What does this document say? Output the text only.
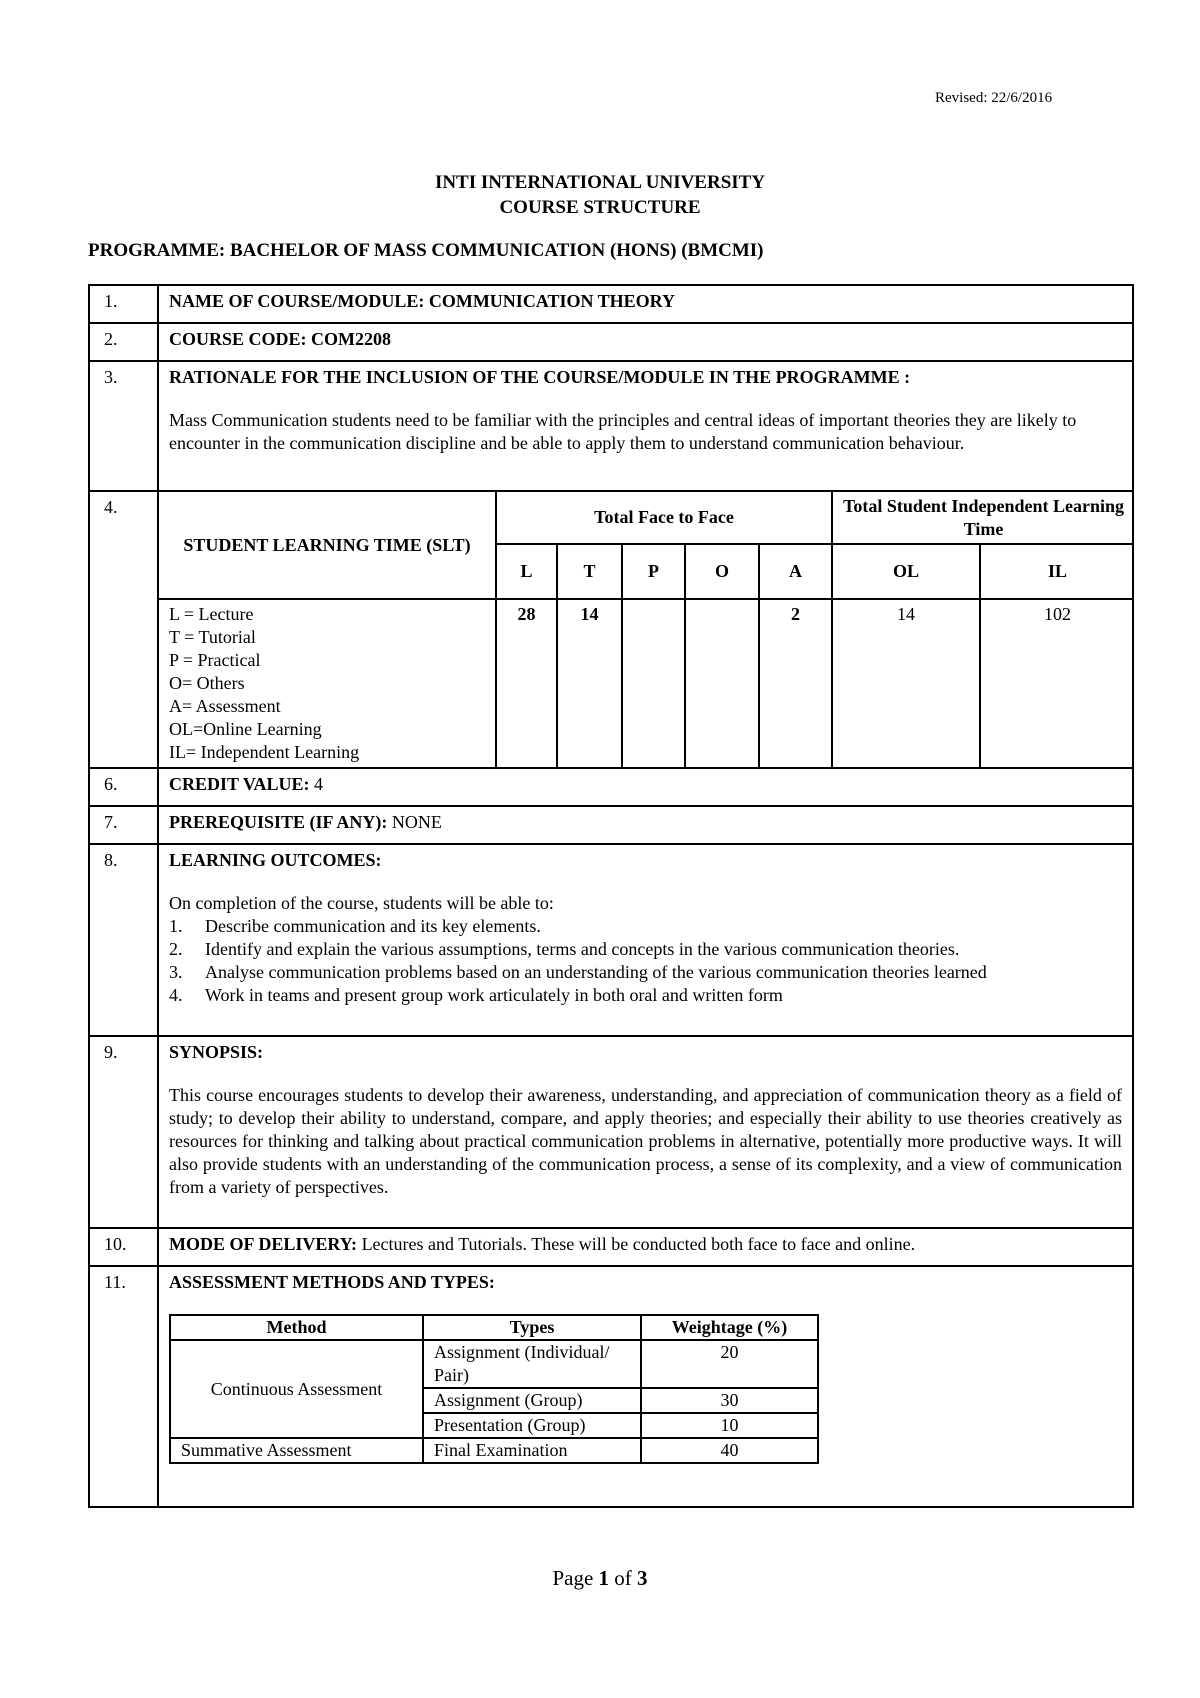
Revised: 22/6/2016
INTI INTERNATIONAL UNIVERSITY
COURSE STRUCTURE
PROGRAMME: BACHELOR OF MASS COMMUNICATION (HONS) (BMCMI)
1.	NAME OF COURSE/MODULE: COMMUNICATION THEORY
2.	COURSE CODE: COM2208
3.	RATIONALE FOR THE INCLUSION OF THE COURSE/MODULE IN THE PROGRAMME :

Mass Communication students need to be familiar with the principles and central ideas of important theories they are likely to encounter in the communication discipline and be able to apply them to understand communication behaviour.

4.	
STUDENT LEARNING TIME (SLT)	Total Face to Face	Total Student Independent Learning Time
L	T	P	O	A	OL	IL

L = Lecture
T = Tutorial
P = Practical
O= Others
A= Assessment
OL=Online Learning
IL= Independent Learning
	28	14			2	14	102

6.	CREDIT VALUE: 4
7.	PREREQUISITE (IF ANY): NONE
8.	LEARNING OUTCOMES:

On completion of the course, students will be able to:

1. Describe communication and its key elements.
2. Identify and explain the various assumptions, terms and concepts in the various communication theories.
3. Analyse communication problems based on an understanding of the various communication theories learned
4. Work in teams and present group work articulately in both oral and written form

9.	SYNOPSIS:

This course encourages students to develop their awareness, understanding, and appreciation of communication theory as a field of study; to develop their ability to understand, compare, and apply theories; and especially their ability to use theories creatively as resources for thinking and talking about practical communication problems in alternative, potentially more productive ways. It will also provide students with an understanding of the communication process, a sense of its complexity, and a view of communication from a variety of perspectives.

10.	MODE OF DELIVERY: Lectures and Tutorials. These will be conducted both face to face and online.
11.	ASSESSMENT METHODS AND TYPES:

Method	Types	Weightage (%)
Continuous Assessment	Assignment (Individual/ Pair)	20
Assignment (Group)	30
Presentation (Group)	10
Summative Assessment	Final Examination	40
Page 1 of 3
